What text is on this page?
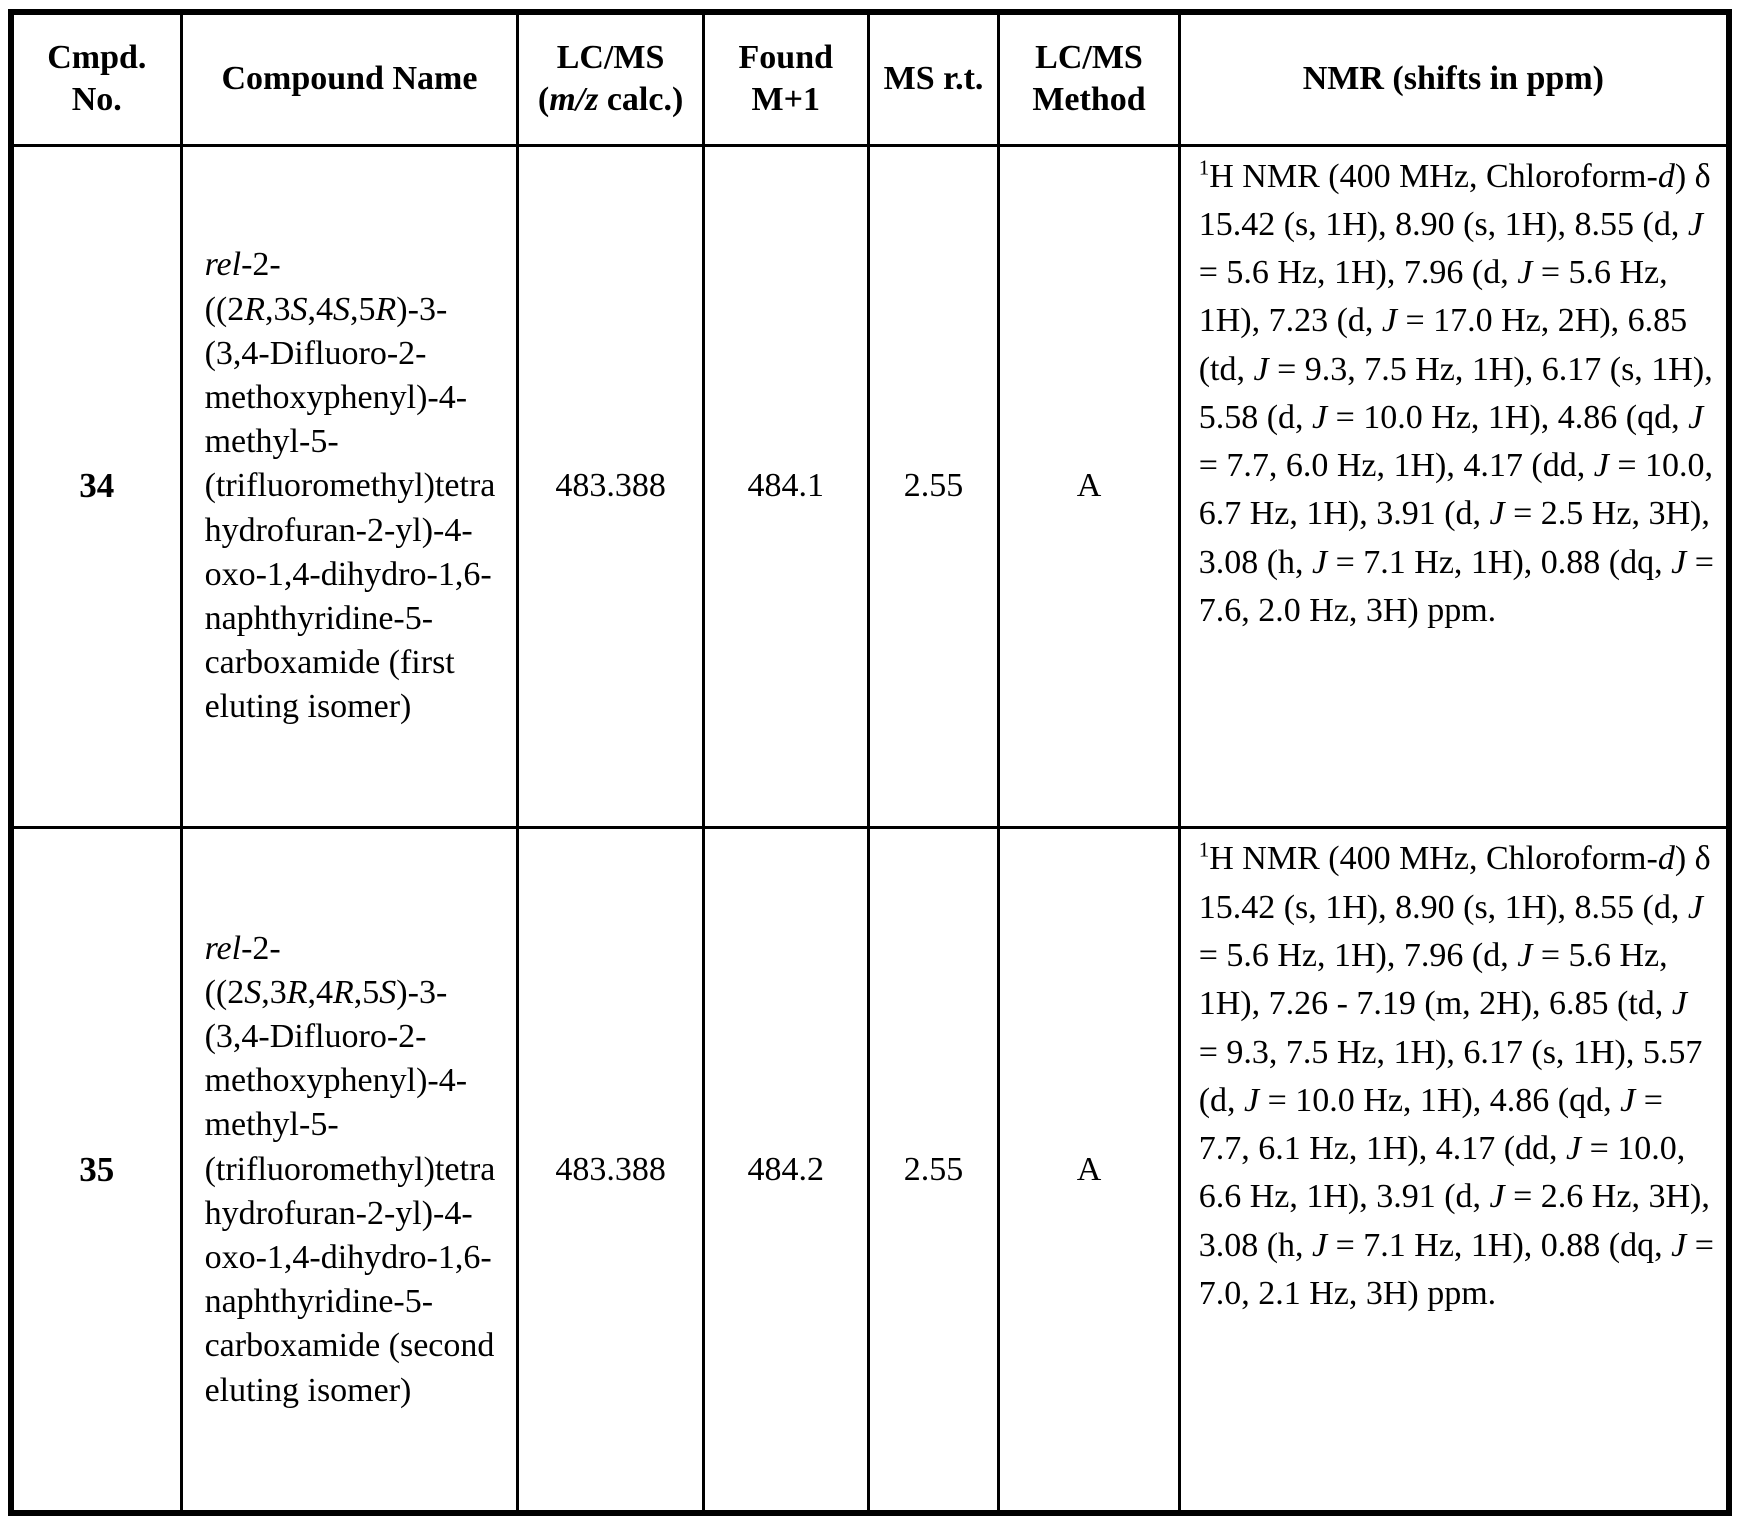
Cmpd. No.	Compound Name	LC/MS (m/z calc.)	Found M+1	MS r.t.	LC/MS Method	NMR (shifts in ppm)
34	rel-2-((2R,3S,4S,5R)-3-(3,4-Difluoro-2-methoxyphenyl)-4-methyl-5-(trifluoromethyl)tetrahydrofuran-2-yl)-4-oxo-1,4-dihydro-1,6-naphthyridine-5-carboxamide (first eluting isomer)	483.388	484.1	2.55	A	$^1$H NMR (400 MHz, Chloroform-d) δ 15.42 (s, 1H), 8.90 (s, 1H), 8.55 (d, J = 5.6 Hz, 1H), 7.96 (d, J = 5.6 Hz, 1H), 7.23 (d, J = 17.0 Hz, 2H), 6.85 (td, J = 9.3, 7.5 Hz, 1H), 6.17 (s, 1H), 5.58 (d, J = 10.0 Hz, 1H), 4.86 (qd, J = 7.7, 6.0 Hz, 1H), 4.17 (dd, J = 10.0, 6.7 Hz, 1H), 3.91 (d, J = 2.5 Hz, 3H), 3.08 (h, J = 7.1 Hz, 1H), 0.88 (dq, J = 7.6, 2.0 Hz, 3H) ppm.
35	rel-2-((2S,3R,4R,5S)-3-(3,4-Difluoro-2-methoxyphenyl)-4-methyl-5-(trifluoromethyl)tetrahydrofuran-2-yl)-4-oxo-1,4-dihydro-1,6-naphthyridine-5-carboxamide (second eluting isomer)	483.388	484.2	2.55	A	$^1$H NMR (400 MHz, Chloroform-d) δ 15.42 (s, 1H), 8.90 (s, 1H), 8.55 (d, J = 5.6 Hz, 1H), 7.96 (d, J = 5.6 Hz, 1H), 7.26 - 7.19 (m, 2H), 6.85 (td, J = 9.3, 7.5 Hz, 1H), 6.17 (s, 1H), 5.57 (d, J = 10.0 Hz, 1H), 4.86 (qd, J = 7.7, 6.1 Hz, 1H), 4.17 (dd, J = 10.0, 6.6 Hz, 1H), 3.91 (d, J = 2.6 Hz, 3H), 3.08 (h, J = 7.1 Hz, 1H), 0.88 (dq, J = 7.0, 2.1 Hz, 3H) ppm.
